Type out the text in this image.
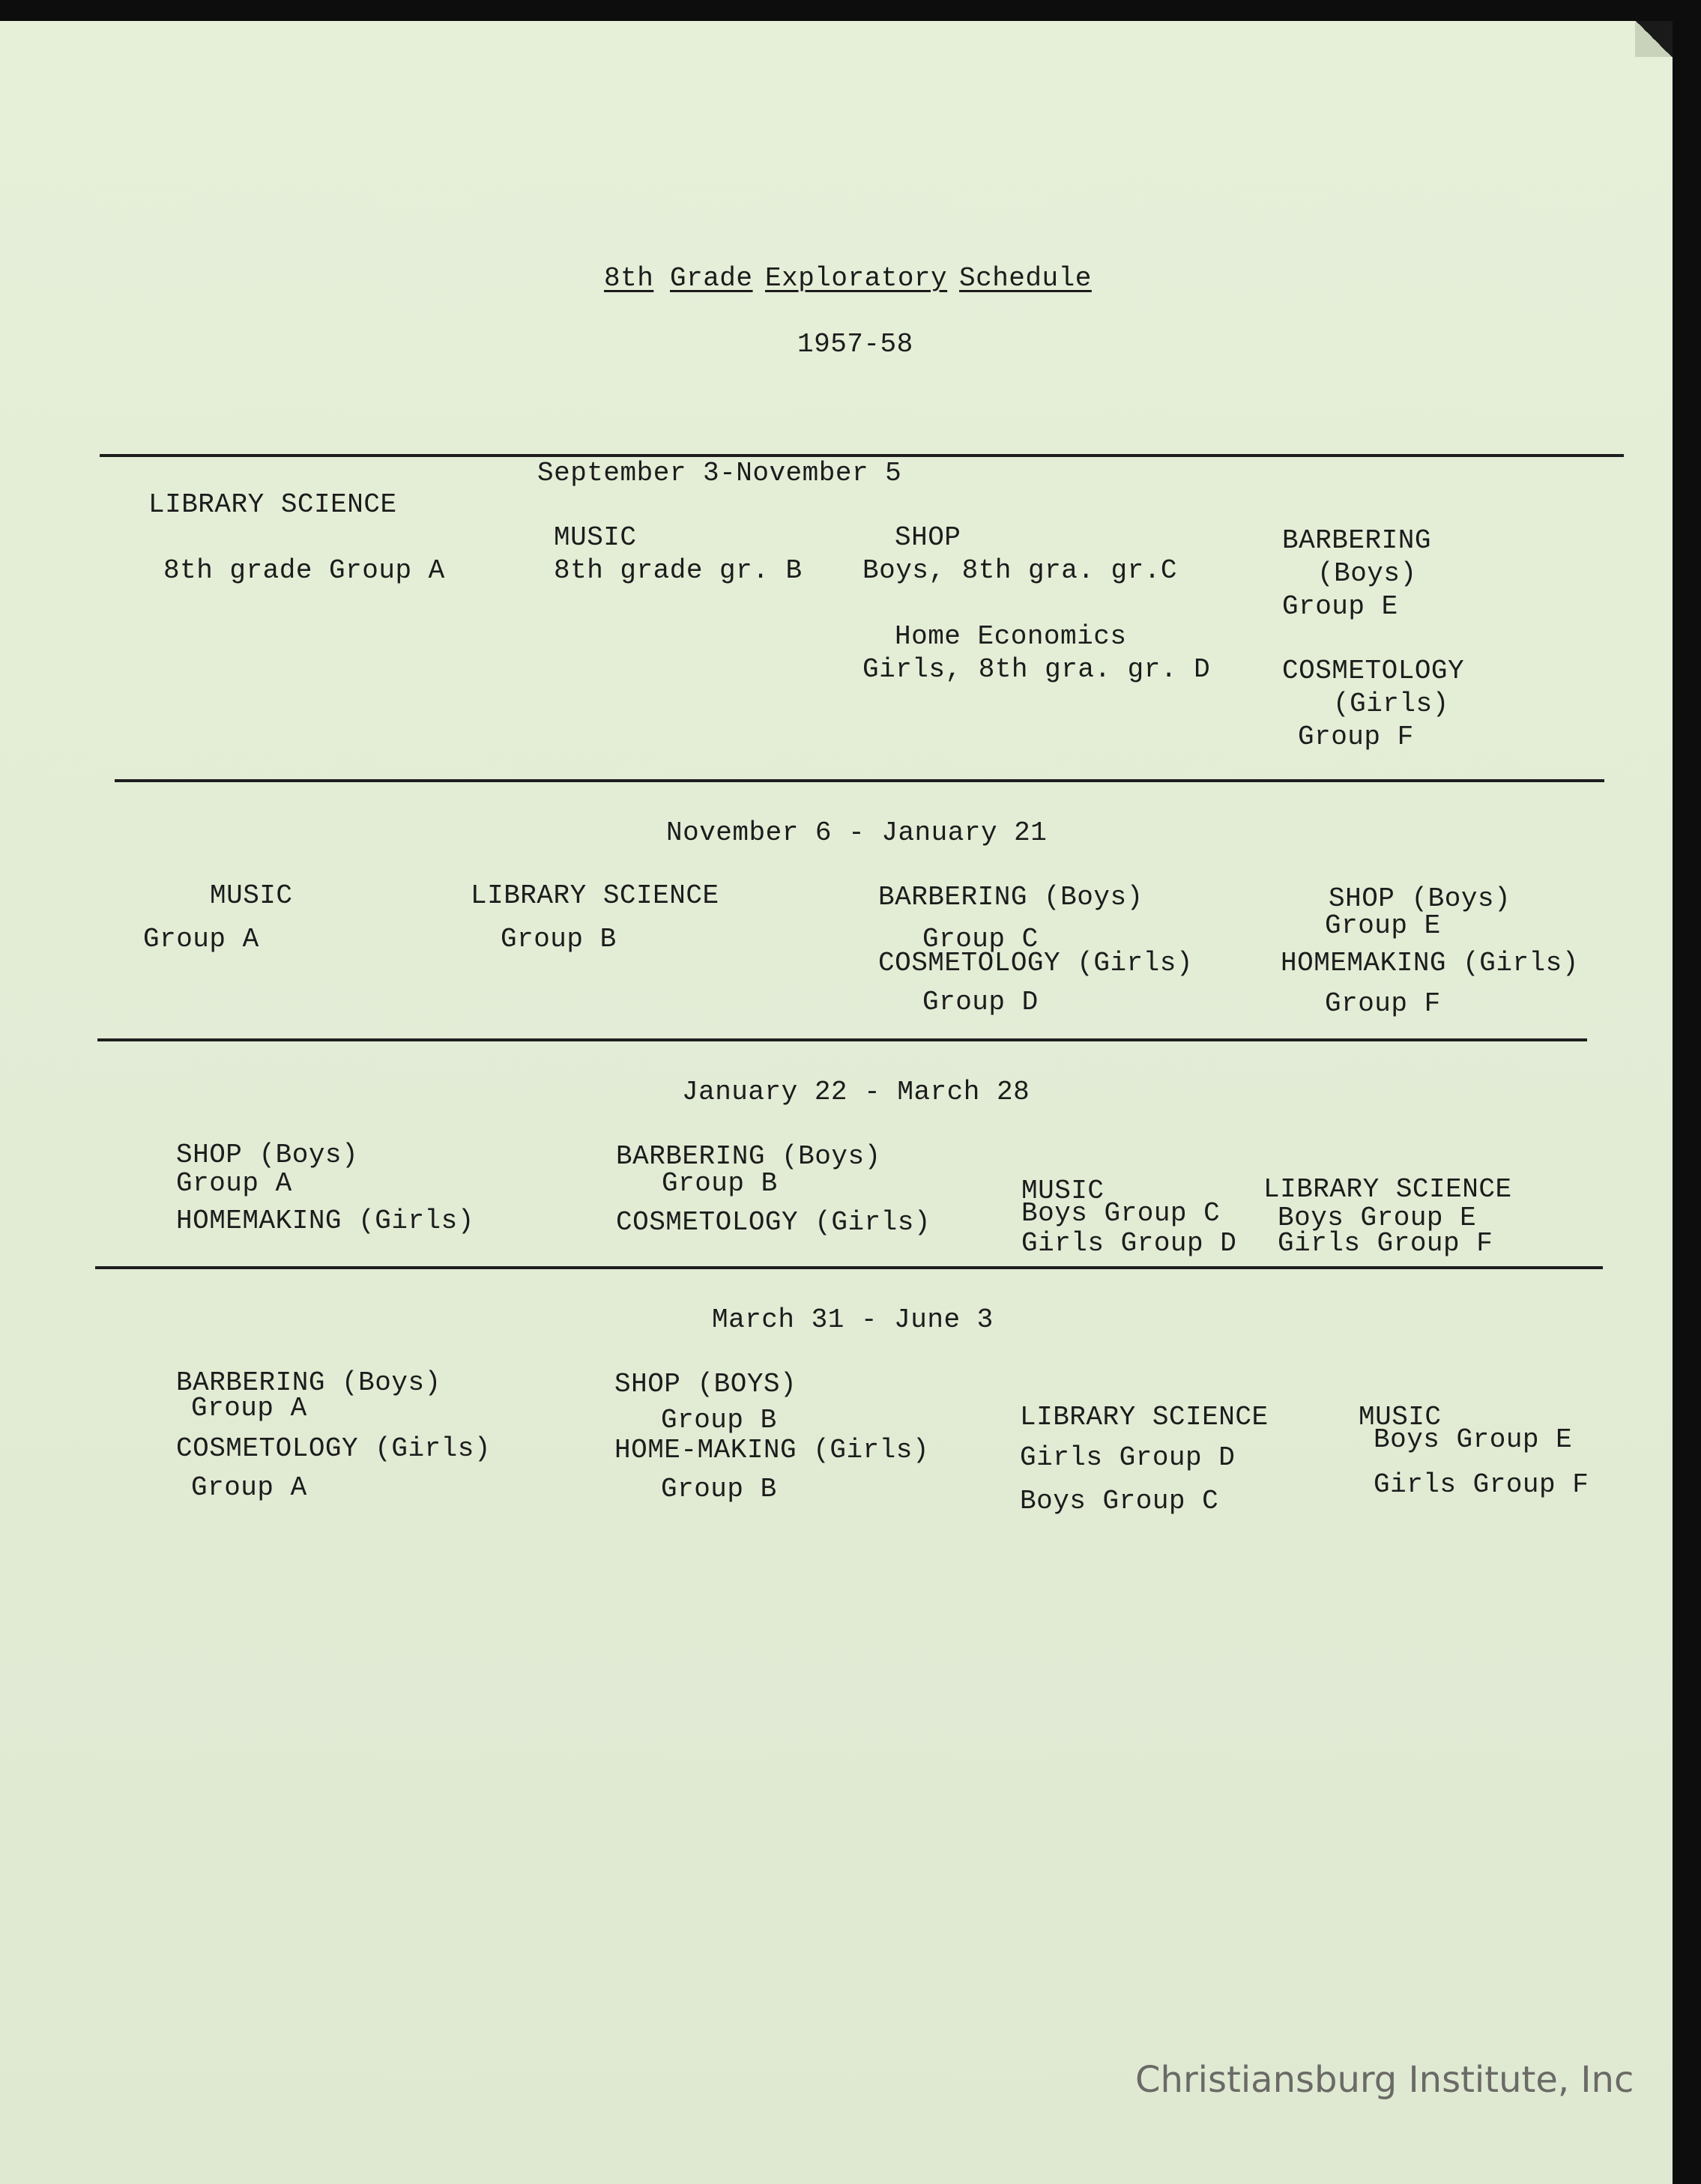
8th Grade Exploratory Schedule
1957-58
September 3-November 5
LIBRARY SCIENCE
8th grade Group A
MUSIC
8th grade gr. B
SHOP
Boys, 8th gra. gr.C
Home Economics
Girls, 8th gra. gr. D
BARBERING
(Boys)
Group E
COSMETOLOGY
(Girls)
Group F
November 6 - January 21
MUSIC
Group A
LIBRARY SCIENCE
Group B
BARBERING (Boys)
Group C
COSMETOLOGY (Girls)
Group D
SHOP (Boys)
Group E
HOMEMAKING (Girls)
Group F
January 22 - March 28
SHOP (Boys)
Group A
HOMEMAKING (Girls)
BARBERING (Boys)
Group B
COSMETOLOGY (Girls)
MUSIC
Boys Group C
Girls Group D
LIBRARY SCIENCE
Boys Group E
Girls Group F
March 31 - June 3
BARBERING (Boys)
Group A
COSMETOLOGY (Girls)
Group A
SHOP (BOYS)
Group B
HOME-MAKING (Girls)
Group B
LIBRARY SCIENCE
Girls Group D
Boys Group C
MUSIC
Boys Group E
Girls Group F
Christiansburg Institute, Inc
